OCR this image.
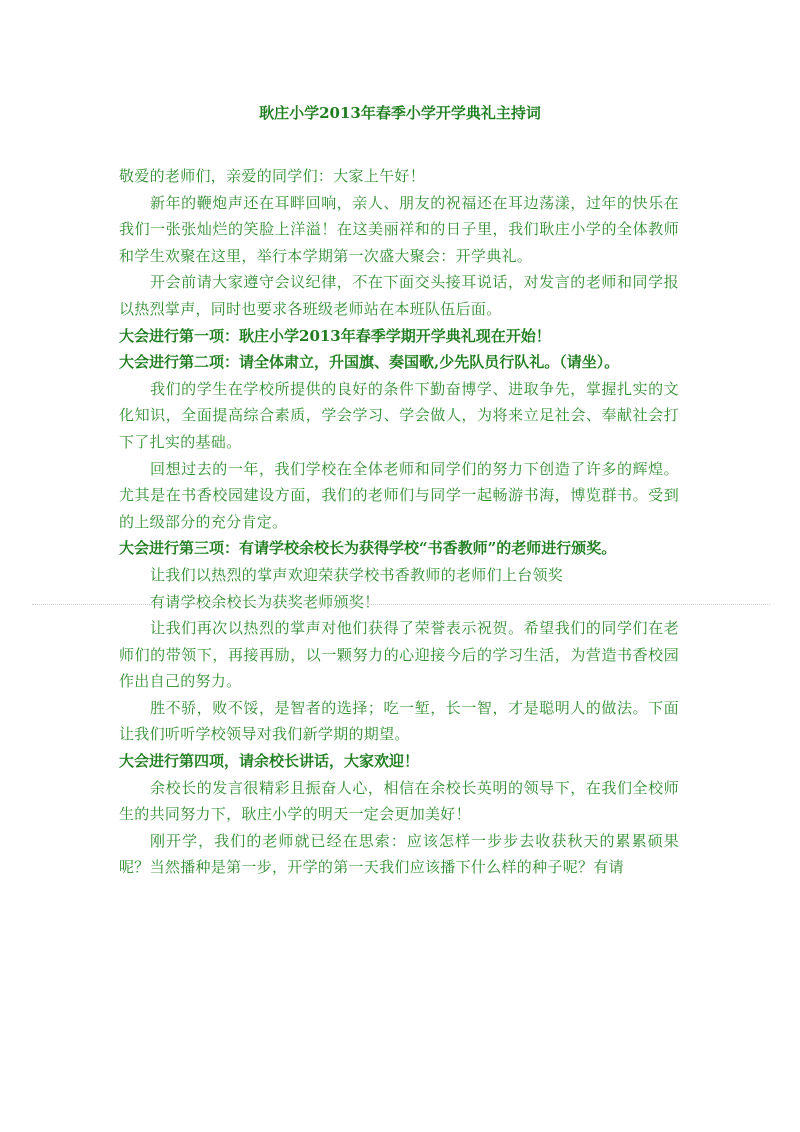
耿庄小学2013年春季小学开学典礼主持词

敬爱的老师们，亲爱的同学们：大家上午好！

新年的鞭炮声还在耳畔回响，亲人、朋友的祝福还在耳边荡漾，过年的快乐在我们一张张灿烂的笑脸上洋溢！在这美丽祥和的日子里，我们耿庄小学的全体教师和学生欢聚在这里，举行本学期第一次盛大聚会：开学典礼。

开会前请大家遵守会议纪律，不在下面交头接耳说话，对发言的老师和同学报以热烈掌声，同时也要求各班级老师站在本班队伍后面。

大会进行第一项：耿庄小学2013年春季学期开学典礼现在开始！

大会进行第二项：请全体肃立，升国旗、奏国歌,少先队员行队礼。（请坐）。

我们的学生在学校所提供的良好的条件下勤奋博学、进取争先，掌握扎实的文化知识，全面提高综合素质，学会学习、学会做人，为将来立足社会、奉献社会打下了扎实的基础。

回想过去的一年，我们学校在全体老师和同学们的努力下创造了许多的辉煌。尤其是在书香校园建设方面，我们的老师们与同学一起畅游书海，博览群书。受到的上级部分的充分肯定。

大会进行第三项：有请学校余校长为获得学校“书香教师”的老师进行颁奖。

让我们以热烈的掌声欢迎荣获学校书香教师的老师们上台领奖

有请学校余校长为获奖老师颁奖！

让我们再次以热烈的掌声对他们获得了荣誉表示祝贺。希望我们的同学们在老师们的带领下，再接再励，以一颗努力的心迎接今后的学习生活，为营造书香校园作出自己的努力。

胜不骄，败不馁，是智者的选择；吃一堑，长一智，才是聪明人的做法。下面让我们听听学校领导对我们新学期的期望。

大会进行第四项，请余校长讲话，大家欢迎！

余校长的发言很精彩且振奋人心，相信在余校长英明的领导下，在我们全校师生的共同努力下，耿庄小学的明天一定会更加美好！

刚开学，我们的老师就已经在思索：应该怎样一步步去收获秋天的累累硕果呢？当然播种是第一步，开学的第一天我们应该播下什么样的种子呢？有请
